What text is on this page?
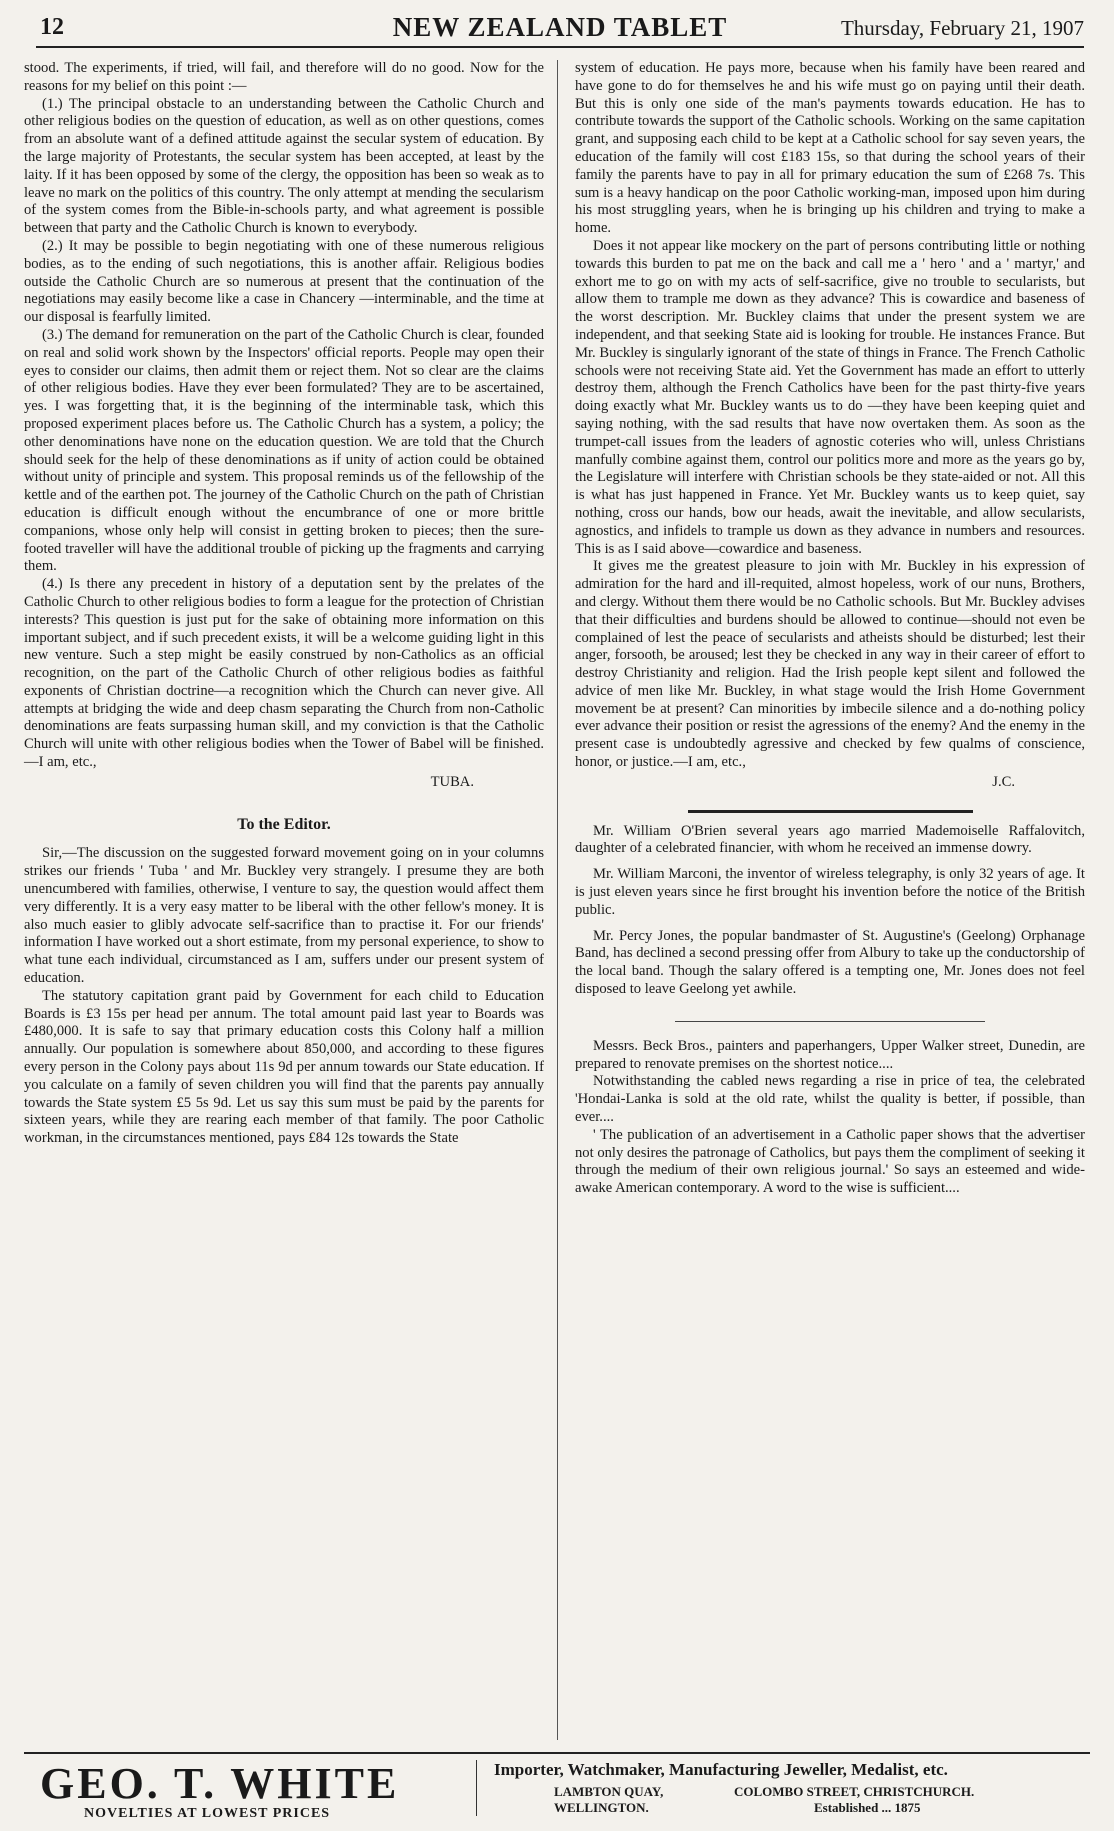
12	NEW ZEALAND TABLET	Thursday, February 21, 1907

stood. The experiments, if tried, will fail, and therefore will do no good. Now for the reasons for my belief on this point :—

(1.) The principal obstacle to an understanding between the Catholic Church and other religious bodies on the question of education, as well as on other questions, comes from an absolute want of a defined attitude against the secular system of education. By the large majority of Protestants, the secular system has been accepted, at least by the laity. If it has been opposed by some of the clergy, the opposition has been so weak as to leave no mark on the politics of this country. The only attempt at mending the secularism of the system comes from the Bible-in-schools party, and what agreement is possible between that party and the Catholic Church is known to everybody.

(2.) It may be possible to begin negotiating with one of these numerous religious bodies, as to the ending of such negotiations, this is another affair. Religious bodies outside the Catholic Church are so numerous at present that the continuation of the negotiations may easily become like a case in Chancery —interminable, and the time at our disposal is fearfully limited.

(3.) The demand for remuneration on the part of the Catholic Church is clear, founded on real and solid work shown by the Inspectors' official reports. People may open their eyes to consider our claims, then admit them or reject them. Not so clear are the claims of other religious bodies. Have they ever been formulated? They are to be ascertained, yes. I was forgetting that, it is the beginning of the interminable task, which this proposed experiment places before us. The Catholic Church has a system, a policy; the other denominations have none on the education question. We are told that the Church should seek for the help of these denominations as if unity of action could be obtained without unity of principle and system. This proposal reminds us of the fellowship of the kettle and of the earthen pot. The journey of the Catholic Church on the path of Christian education is difficult enough without the encumbrance of one or more brittle companions, whose only help will consist in getting broken to pieces; then the sure-footed traveller will have the additional trouble of picking up the fragments and carrying them.

(4.) Is there any precedent in history of a deputation sent by the prelates of the Catholic Church to other religious bodies to form a league for the protection of Christian interests? This question is just put for the sake of obtaining more information on this important subject, and if such precedent exists, it will be a welcome guiding light in this new venture. Such a step might be easily construed by non-Catholics as an official recognition, on the part of the Catholic Church of other religious bodies as faithful exponents of Christian doctrine—a recognition which the Church can never give. All attempts at bridging the wide and deep chasm separating the Church from non-Catholic denominations are feats surpassing human skill, and my conviction is that the Catholic Church will unite with other religious bodies when the Tower of Babel will be finished.—I am, etc.,

TUBA.
To the Editor.

Sir,—The discussion on the suggested forward movement going on in your columns strikes our friends ' Tuba ' and Mr. Buckley very strangely. I presume they are both unencumbered with families, otherwise, I venture to say, the question would affect them very differently. It is a very easy matter to be liberal with the other fellow's money. It is also much easier to glibly advocate self-sacrifice than to practise it. For our friends' information I have worked out a short estimate, from my personal experience, to show to what tune each individual, circumstanced as I am, suffers under our present system of education.

The statutory capitation grant paid by Government for each child to Education Boards is £3 15s per head per annum. The total amount paid last year to Boards was £480,000. It is safe to say that primary education costs this Colony half a million annually. Our population is somewhere about 850,000, and according to these figures every person in the Colony pays about 11s 9d per annum towards our State education. If you calculate on a family of seven children you will find that the parents pay annually towards the State system £5 5s 9d. Let us say this sum must be paid by the parents for sixteen years, while they are rearing each member of that family. The poor Catholic workman, in the circumstances mentioned, pays £84 12s towards the State

system of education. He pays more, because when his family have been reared and have gone to do for themselves he and his wife must go on paying until their death. But this is only one side of the man's payments towards education. He has to contribute towards the support of the Catholic schools. Working on the same capitation grant, and supposing each child to be kept at a Catholic school for say seven years, the education of the family will cost £183 15s, so that during the school years of their family the parents have to pay in all for primary education the sum of £268 7s. This sum is a heavy handicap on the poor Catholic working-man, imposed upon him during his most struggling years, when he is bringing up his children and trying to make a home.

Does it not appear like mockery on the part of persons contributing little or nothing towards this burden to pat me on the back and call me a ' hero ' and a ' martyr,' and exhort me to go on with my acts of self-sacrifice, give no trouble to secularists, but allow them to trample me down as they advance? This is cowardice and baseness of the worst description. Mr. Buckley claims that under the present system we are independent, and that seeking State aid is looking for trouble. He instances France. But Mr. Buckley is singularly ignorant of the state of things in France. The French Catholic schools were not receiving State aid. Yet the Government has made an effort to utterly destroy them, although the French Catholics have been for the past thirty-five years doing exactly what Mr. Buckley wants us to do —they have been keeping quiet and saying nothing, with the sad results that have now overtaken them. As soon as the trumpet-call issues from the leaders of agnostic coteries who will, unless Christians manfully combine against them, control our politics more and more as the years go by, the Legislature will interfere with Christian schools be they state-aided or not. All this is what has just happened in France. Yet Mr. Buckley wants us to keep quiet, say nothing, cross our hands, bow our heads, await the inevitable, and allow secularists, agnostics, and infidels to trample us down as they advance in numbers and resources. This is as I said above—cowardice and baseness.

It gives me the greatest pleasure to join with Mr. Buckley in his expression of admiration for the hard and ill-requited, almost hopeless, work of our nuns, Brothers, and clergy. Without them there would be no Catholic schools. But Mr. Buckley advises that their difficulties and burdens should be allowed to continue—should not even be complained of lest the peace of secularists and atheists should be disturbed; lest their anger, forsooth, be aroused; lest they be checked in any way in their career of effort to destroy Christianity and religion. Had the Irish people kept silent and followed the advice of men like Mr. Buckley, in what stage would the Irish Home Government movement be at present? Can minorities by imbecile silence and a do-nothing policy ever advance their position or resist the agressions of the enemy? And the enemy in the present case is undoubtedly agressive and checked by few qualms of conscience, honor, or justice.—I am, etc.,

J.C.

Mr. William O'Brien several years ago married Mademoiselle Raffalovitch, daughter of a celebrated financier, with whom he received an immense dowry.

Mr. William Marconi, the inventor of wireless telegraphy, is only 32 years of age. It is just eleven years since he first brought his invention before the notice of the British public.

Mr. Percy Jones, the popular bandmaster of St. Augustine's (Geelong) Orphanage Band, has declined a second pressing offer from Albury to take up the conductorship of the local band. Though the salary offered is a tempting one, Mr. Jones does not feel disposed to leave Geelong yet awhile.

Messrs. Beck Bros., painters and paperhangers, Upper Walker street, Dunedin, are prepared to renovate premises on the shortest notice....

Notwithstanding the cabled news regarding a rise in price of tea, the celebrated 'Hondai-Lanka is sold at the old rate, whilst the quality is better, if possible, than ever....

' The publication of an advertisement in a Catholic paper shows that the advertiser not only desires the patronage of Catholics, but pays them the compliment of seeking it through the medium of their own religious journal.' So says an esteemed and wide-awake American contemporary. A word to the wise is sufficient....

GEO. T. WHITE
NOVELTIES AT LOWEST PRICES
Importer, Watchmaker, Manufacturing Jeweller, Medalist, etc.
LAMBTON QUAY,	COLOMBO STREET, CHRISTCHURCH.
WELLINGTON.	Established ... 1875
